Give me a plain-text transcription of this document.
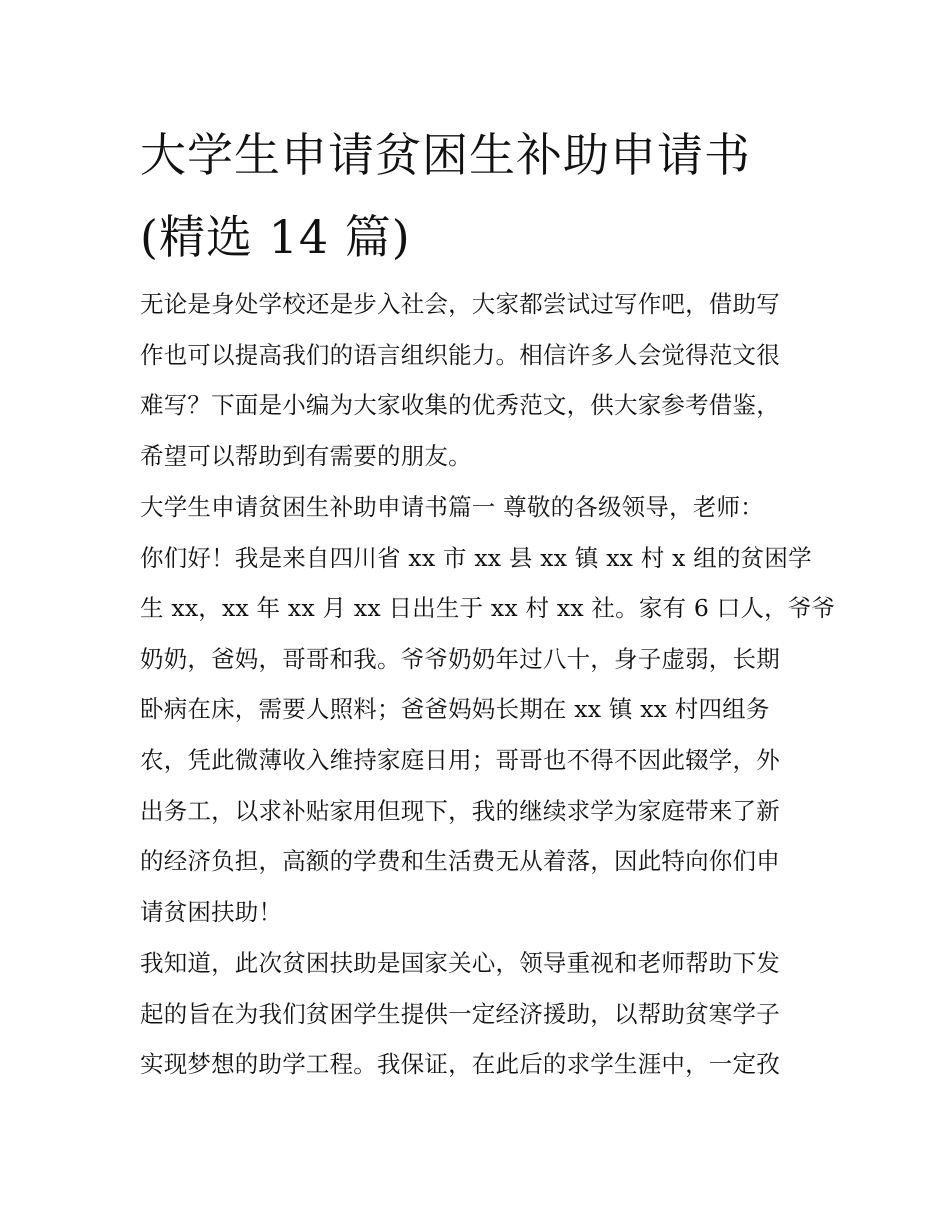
大学生申请贫困生补助申请书
(精选 14 篇)

无论是身处学校还是步入社会，大家都尝试过写作吧，借助写
作也可以提高我们的语言组织能力。相信许多人会觉得范文很
难写？下面是小编为大家收集的优秀范文，供大家参考借鉴，
希望可以帮助到有需要的朋友。

大学生申请贫困生补助申请书篇一 尊敬的各级领导，老师：
你们好！我是来自四川省 xx 市 xx 县 xx 镇 xx 村 x 组的贫困学
生 xx，xx 年 xx 月 xx 日出生于 xx 村 xx 社。家有 6 口人，爷爷
奶奶，爸妈，哥哥和我。爷爷奶奶年过八十，身子虚弱，长期
卧病在床，需要人照料；爸爸妈妈长期在 xx 镇 xx 村四组务
农，凭此微薄收入维持家庭日用；哥哥也不得不因此辍学，外
出务工，以求补贴家用但现下，我的继续求学为家庭带来了新
的经济负担，高额的学费和生活费无从着落，因此特向你们申
请贫困扶助！

我知道，此次贫困扶助是国家关心，领导重视和老师帮助下发
起的旨在为我们贫困学生提供一定经济援助，以帮助贫寒学子
实现梦想的助学工程。我保证，在此后的求学生涯中，一定孜
